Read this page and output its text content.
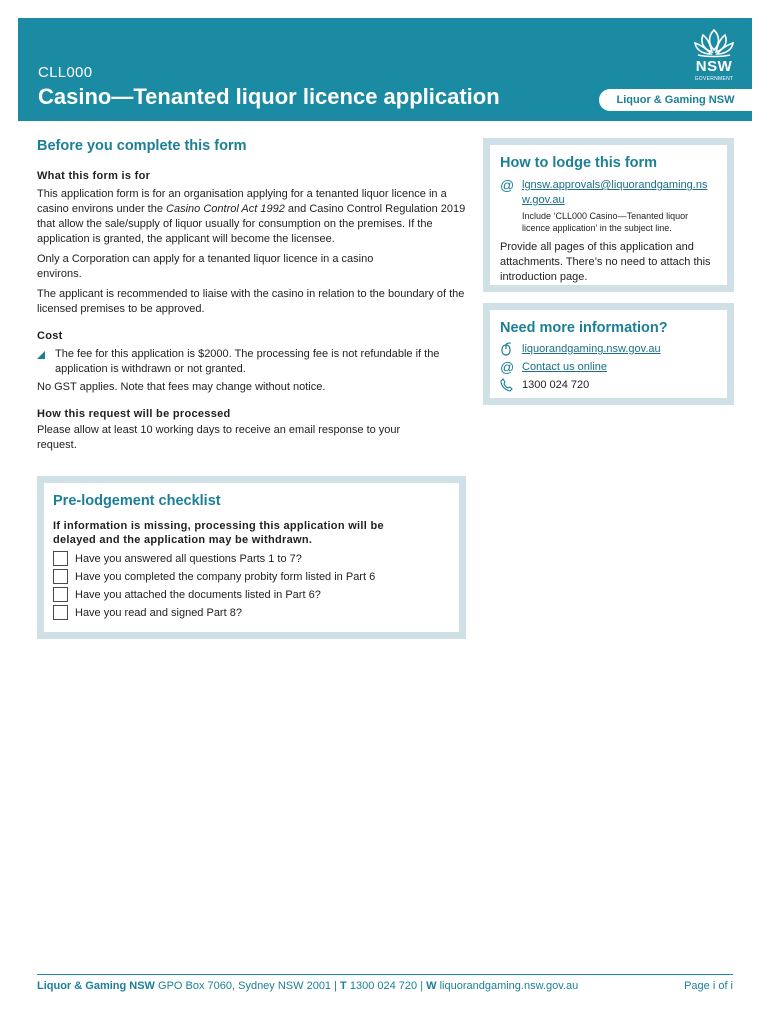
CLL000
Casino—Tenanted liquor licence application	Liquor & Gaming NSW
NSW
GOVERNMENT
Before you complete this form

What this form is for

This application form is for an organisation applying for a tenanted liquor licence in a casino environs under the Casino Control Act 1992 and Casino Control Regulation 2019 that allow the sale/supply of liquor usually for consumption on the premises. If the application is granted, the applicant will become the licensee.

Only a Corporation can apply for a tenanted liquor licence in a casino environs.

The applicant is recommended to liaise with the casino in relation to the boundary of the licensed premises to be approved.

Cost

The fee for this application is $2000. The processing fee is not refundable if the application is withdrawn or not granted.

No GST applies. Note that fees may change without notice.

How this request will be processed

Please allow at least 10 working days to receive an email response to your request.

How to lodge this form
@ lgnsw.approvals@liquorandgaming.nsw.gov.au
Include ‘CLL000 Casino—Tenanted liquor licence application’ in the subject line.

Provide all pages of this application and attachments. There’s no need to attach this introduction page.

Need more information?
liquorandgaming.nsw.gov.au
@ Contact us online
1300 024 720
Pre-lodgement checklist

If information is missing, processing this application will be delayed and the application may be withdrawn.

Have you answered all questions Parts 1 to 7?
Have you completed the company probity form listed in Part 6
Have you attached the documents listed in Part 6?
Have you read and signed Part 8?
Liquor & Gaming NSW GPO Box 7060, Sydney NSW 2001 | T 1300 024 720 | W liquorandgaming.nsw.gov.au	Page i of i
